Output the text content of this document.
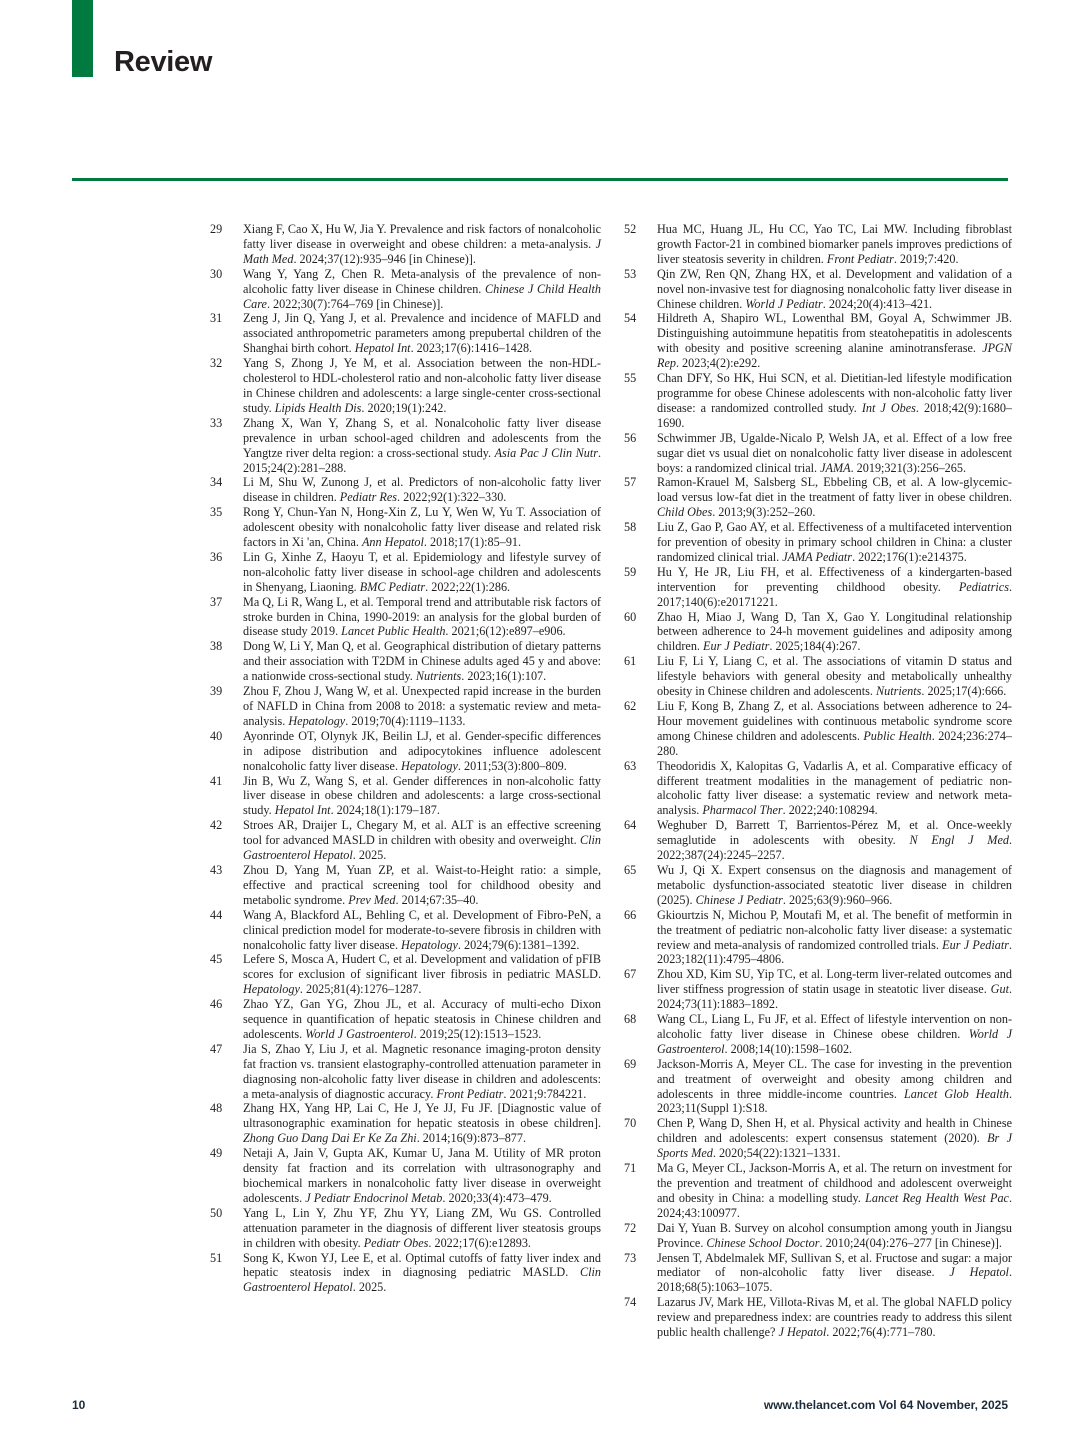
Review
29 Xiang F, Cao X, Hu W, Jia Y. Prevalence and risk factors of nonalcoholic fatty liver disease in overweight and obese children: a meta-analysis. J Math Med. 2024;37(12):935–946 [in Chinese)].
30 Wang Y, Yang Z, Chen R. Meta-analysis of the prevalence of non-alcoholic fatty liver disease in Chinese children. Chinese J Child Health Care. 2022;30(7):764–769 [in Chinese)].
31 Zeng J, Jin Q, Yang J, et al. Prevalence and incidence of MAFLD and associated anthropometric parameters among prepubertal children of the Shanghai birth cohort. Hepatol Int. 2023;17(6):1416–1428.
32 Yang S, Zhong J, Ye M, et al. Association between the non-HDL-cholesterol to HDL-cholesterol ratio and non-alcoholic fatty liver disease in Chinese children and adolescents: a large single-center cross-sectional study. Lipids Health Dis. 2020;19(1):242.
33 Zhang X, Wan Y, Zhang S, et al. Nonalcoholic fatty liver disease prevalence in urban school-aged children and adolescents from the Yangtze river delta region: a cross-sectional study. Asia Pac J Clin Nutr. 2015;24(2):281–288.
34 Li M, Shu W, Zunong J, et al. Predictors of non-alcoholic fatty liver disease in children. Pediatr Res. 2022;92(1):322–330.
35 Rong Y, Chun-Yan N, Hong-Xin Z, Lu Y, Wen W, Yu T. Association of adolescent obesity with nonalcoholic fatty liver disease and related risk factors in Xi 'an, China. Ann Hepatol. 2018;17(1):85–91.
36 Lin G, Xinhe Z, Haoyu T, et al. Epidemiology and lifestyle survey of non-alcoholic fatty liver disease in school-age children and adolescents in Shenyang, Liaoning. BMC Pediatr. 2022;22(1):286.
37 Ma Q, Li R, Wang L, et al. Temporal trend and attributable risk factors of stroke burden in China, 1990-2019: an analysis for the global burden of disease study 2019. Lancet Public Health. 2021;6(12):e897–e906.
38 Dong W, Li Y, Man Q, et al. Geographical distribution of dietary patterns and their association with T2DM in Chinese adults aged 45 y and above: a nationwide cross-sectional study. Nutrients. 2023;16(1):107.
39 Zhou F, Zhou J, Wang W, et al. Unexpected rapid increase in the burden of NAFLD in China from 2008 to 2018: a systematic review and meta-analysis. Hepatology. 2019;70(4):1119–1133.
40 Ayonrinde OT, Olynyk JK, Beilin LJ, et al. Gender-specific differences in adipose distribution and adipocytokines influence adolescent nonalcoholic fatty liver disease. Hepatology. 2011;53(3):800–809.
41 Jin B, Wu Z, Wang S, et al. Gender differences in non-alcoholic fatty liver disease in obese children and adolescents: a large cross-sectional study. Hepatol Int. 2024;18(1):179–187.
42 Stroes AR, Draijer L, Chegary M, et al. ALT is an effective screening tool for advanced MASLD in children with obesity and overweight. Clin Gastroenterol Hepatol. 2025.
43 Zhou D, Yang M, Yuan ZP, et al. Waist-to-Height ratio: a simple, effective and practical screening tool for childhood obesity and metabolic syndrome. Prev Med. 2014;67:35–40.
44 Wang A, Blackford AL, Behling C, et al. Development of Fibro-PeN, a clinical prediction model for moderate-to-severe fibrosis in children with nonalcoholic fatty liver disease. Hepatology. 2024;79(6):1381–1392.
45 Lefere S, Mosca A, Hudert C, et al. Development and validation of pFIB scores for exclusion of significant liver fibrosis in pediatric MASLD. Hepatology. 2025;81(4):1276–1287.
46 Zhao YZ, Gan YG, Zhou JL, et al. Accuracy of multi-echo Dixon sequence in quantification of hepatic steatosis in Chinese children and adolescents. World J Gastroenterol. 2019;25(12):1513–1523.
47 Jia S, Zhao Y, Liu J, et al. Magnetic resonance imaging-proton density fat fraction vs. transient elastography-controlled attenuation parameter in diagnosing non-alcoholic fatty liver disease in children and adolescents: a meta-analysis of diagnostic accuracy. Front Pediatr. 2021;9:784221.
48 Zhang HX, Yang HP, Lai C, He J, Ye JJ, Fu JF. [Diagnostic value of ultrasonographic examination for hepatic steatosis in obese children]. Zhong Guo Dang Dai Er Ke Za Zhi. 2014;16(9):873–877.
49 Netaji A, Jain V, Gupta AK, Kumar U, Jana M. Utility of MR proton density fat fraction and its correlation with ultrasonography and biochemical markers in nonalcoholic fatty liver disease in overweight adolescents. J Pediatr Endocrinol Metab. 2020;33(4):473–479.
50 Yang L, Lin Y, Zhu YF, Zhu YY, Liang ZM, Wu GS. Controlled attenuation parameter in the diagnosis of different liver steatosis groups in children with obesity. Pediatr Obes. 2022;17(6):e12893.
51 Song K, Kwon YJ, Lee E, et al. Optimal cutoffs of fatty liver index and hepatic steatosis index in diagnosing pediatric MASLD. Clin Gastroenterol Hepatol. 2025.
52 Hua MC, Huang JL, Hu CC, Yao TC, Lai MW. Including fibroblast growth Factor-21 in combined biomarker panels improves predictions of liver steatosis severity in children. Front Pediatr. 2019;7:420.
53 Qin ZW, Ren QN, Zhang HX, et al. Development and validation of a novel non-invasive test for diagnosing nonalcoholic fatty liver disease in Chinese children. World J Pediatr. 2024;20(4):413–421.
54 Hildreth A, Shapiro WL, Lowenthal BM, Goyal A, Schwimmer JB. Distinguishing autoimmune hepatitis from steatohepatitis in adolescents with obesity and positive screening alanine aminotransferase. JPGN Rep. 2023;4(2):e292.
55 Chan DFY, So HK, Hui SCN, et al. Dietitian-led lifestyle modification programme for obese Chinese adolescents with non-alcoholic fatty liver disease: a randomized controlled study. Int J Obes. 2018;42(9):1680–1690.
56 Schwimmer JB, Ugalde-Nicalo P, Welsh JA, et al. Effect of a low free sugar diet vs usual diet on nonalcoholic fatty liver disease in adolescent boys: a randomized clinical trial. JAMA. 2019;321(3):256–265.
57 Ramon-Krauel M, Salsberg SL, Ebbeling CB, et al. A low-glycemic-load versus low-fat diet in the treatment of fatty liver in obese children. Child Obes. 2013;9(3):252–260.
58 Liu Z, Gao P, Gao AY, et al. Effectiveness of a multifaceted intervention for prevention of obesity in primary school children in China: a cluster randomized clinical trial. JAMA Pediatr. 2022;176(1):e214375.
59 Hu Y, He JR, Liu FH, et al. Effectiveness of a kindergarten-based intervention for preventing childhood obesity. Pediatrics. 2017;140(6):e20171221.
60 Zhao H, Miao J, Wang D, Tan X, Gao Y. Longitudinal relationship between adherence to 24-h movement guidelines and adiposity among children. Eur J Pediatr. 2025;184(4):267.
61 Liu F, Li Y, Liang C, et al. The associations of vitamin D status and lifestyle behaviors with general obesity and metabolically unhealthy obesity in Chinese children and adolescents. Nutrients. 2025;17(4):666.
62 Liu F, Kong B, Zhang Z, et al. Associations between adherence to 24-Hour movement guidelines with continuous metabolic syndrome score among Chinese children and adolescents. Public Health. 2024;236:274–280.
63 Theodoridis X, Kalopitas G, Vadarlis A, et al. Comparative efficacy of different treatment modalities in the management of pediatric non-alcoholic fatty liver disease: a systematic review and network meta-analysis. Pharmacol Ther. 2022;240:108294.
64 Weghuber D, Barrett T, Barrientos-Pérez M, et al. Once-weekly semaglutide in adolescents with obesity. N Engl J Med. 2022;387(24):2245–2257.
65 Wu J, Qi X. Expert consensus on the diagnosis and management of metabolic dysfunction-associated steatotic liver disease in children (2025). Chinese J Pediatr. 2025;63(9):960–966.
66 Gkiourtzis N, Michou P, Moutafi M, et al. The benefit of metformin in the treatment of pediatric non-alcoholic fatty liver disease: a systematic review and meta-analysis of randomized controlled trials. Eur J Pediatr. 2023;182(11):4795–4806.
67 Zhou XD, Kim SU, Yip TC, et al. Long-term liver-related outcomes and liver stiffness progression of statin usage in steatotic liver disease. Gut. 2024;73(11):1883–1892.
68 Wang CL, Liang L, Fu JF, et al. Effect of lifestyle intervention on non-alcoholic fatty liver disease in Chinese obese children. World J Gastroenterol. 2008;14(10):1598–1602.
69 Jackson-Morris A, Meyer CL. The case for investing in the prevention and treatment of overweight and obesity among children and adolescents in three middle-income countries. Lancet Glob Health. 2023;11(Suppl 1):S18.
70 Chen P, Wang D, Shen H, et al. Physical activity and health in Chinese children and adolescents: expert consensus statement (2020). Br J Sports Med. 2020;54(22):1321–1331.
71 Ma G, Meyer CL, Jackson-Morris A, et al. The return on investment for the prevention and treatment of childhood and adolescent overweight and obesity in China: a modelling study. Lancet Reg Health West Pac. 2024;43:100977.
72 Dai Y, Yuan B. Survey on alcohol consumption among youth in Jiangsu Province. Chinese School Doctor. 2010;24(04):276–277 [in Chinese)].
73 Jensen T, Abdelmalek MF, Sullivan S, et al. Fructose and sugar: a major mediator of non-alcoholic fatty liver disease. J Hepatol. 2018;68(5):1063–1075.
74 Lazarus JV, Mark HE, Villota-Rivas M, et al. The global NAFLD policy review and preparedness index: are countries ready to address this silent public health challenge? J Hepatol. 2022;76(4):771–780.
10	www.thelancet.com Vol 64 November, 2025
